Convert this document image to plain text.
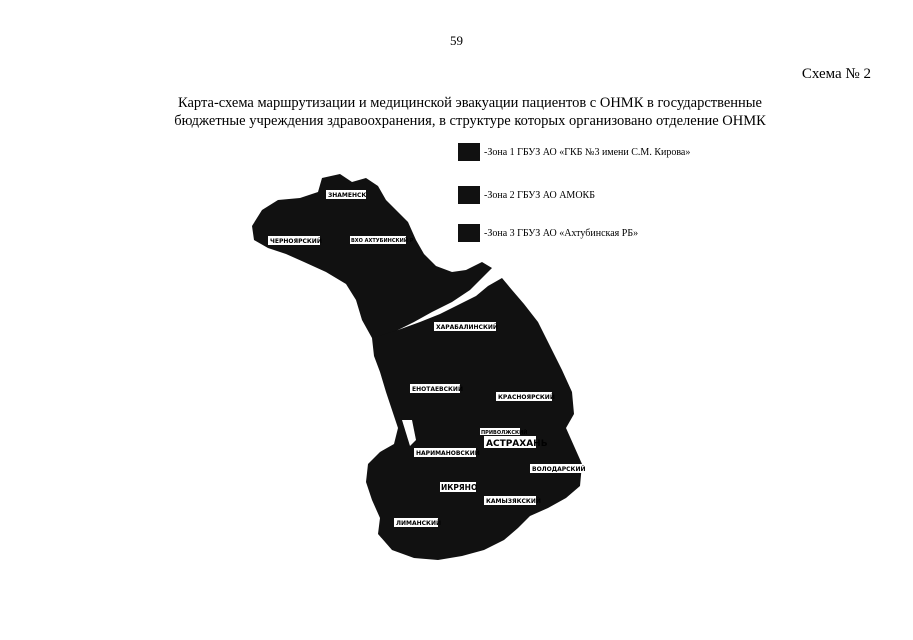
59
Схема № 2
Карта-схема маршрутизации и медицинской эвакуации пациентов с ОНМК в государственные
бюджетные учреждения здравоохранения, в структуре которых организовано отделение ОНМК
-Зона 1 ГБУЗ АО «ГКБ №3 имени С.М. Кирова»
-Зона 2 ГБУЗ АО АМОКБ
-Зона 3 ГБУЗ АО «Ахтубинская РБ»
ЗНАМЕНСК
ЧЕРНОЯРСКИЙ	ВХО АХТУБИНСКИЙ Р
ХАРАБАЛИНСКИЙ
ЕНОТАЕВСКИЙ
КРАСНОЯРСКИЙ
ПРИВОЛЖСКИЙ
АСТРАХАНЬ
НАРИМАНОВСКИЙ
ВОЛОДАРСКИЙ
ИКРЯНО
КАМЫЗЯКСКИЙ
ЛИМАНСКИЙ
